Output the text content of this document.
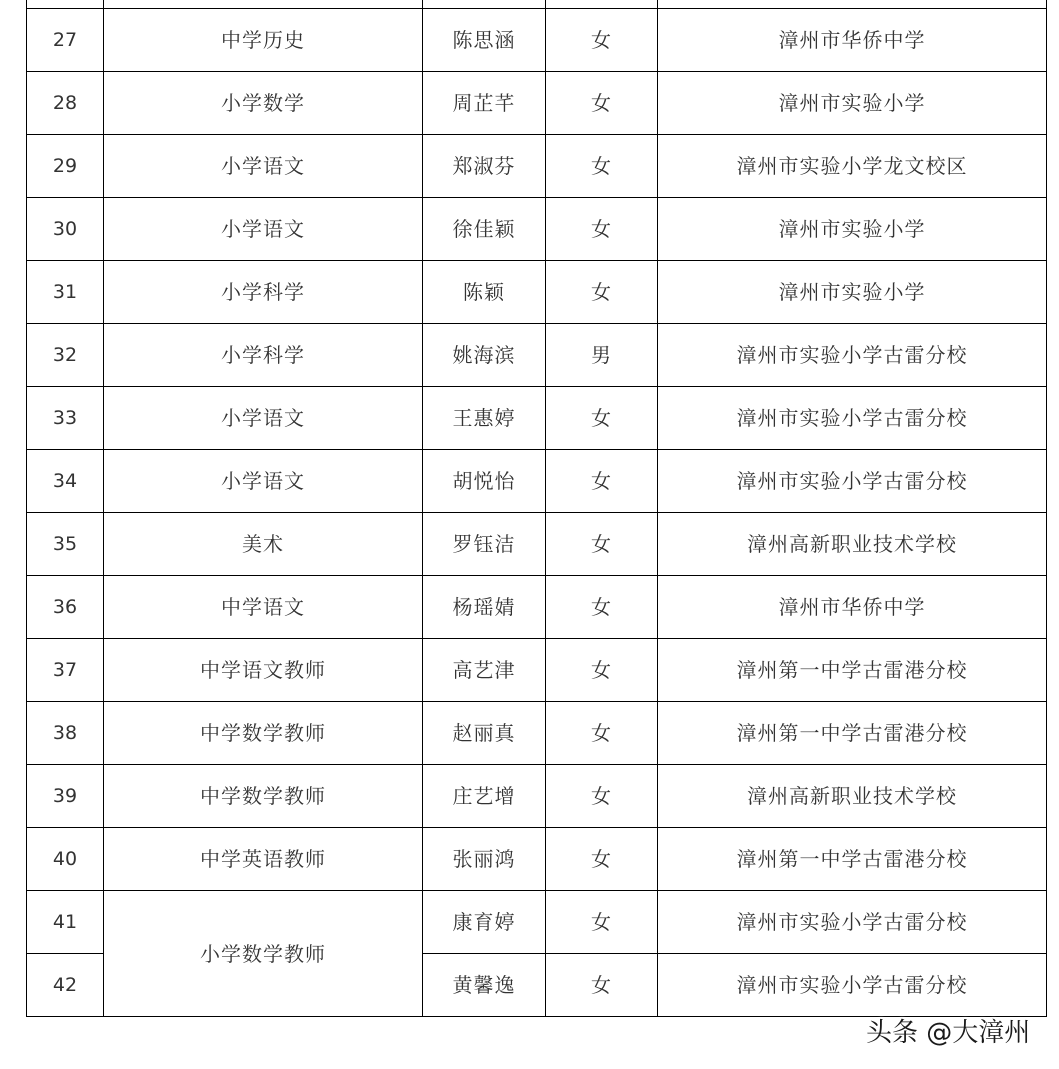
27	中学历史	陈思涵	女	漳州市华侨中学
28	小学数学	周芷芊	女	漳州市实验小学
29	小学语文	郑淑芬	女	漳州市实验小学龙文校区
30	小学语文	徐佳颖	女	漳州市实验小学
31	小学科学	陈颖	女	漳州市实验小学
32	小学科学	姚海滨	男	漳州市实验小学古雷分校
33	小学语文	王惠婷	女	漳州市实验小学古雷分校
34	小学语文	胡悦怡	女	漳州市实验小学古雷分校
35	美术	罗钰洁	女	漳州高新职业技术学校
36	中学语文	杨瑶婧	女	漳州市华侨中学
37	中学语文教师	高艺津	女	漳州第一中学古雷港分校
38	中学数学教师	赵丽真	女	漳州第一中学古雷港分校
39	中学数学教师	庄艺增	女	漳州高新职业技术学校
40	中学英语教师	张丽鸿	女	漳州第一中学古雷港分校
41	小学数学教师	康育婷	女	漳州市实验小学古雷分校
42		黄馨逸	女	漳州市实验小学古雷分校
头条 @大漳州
